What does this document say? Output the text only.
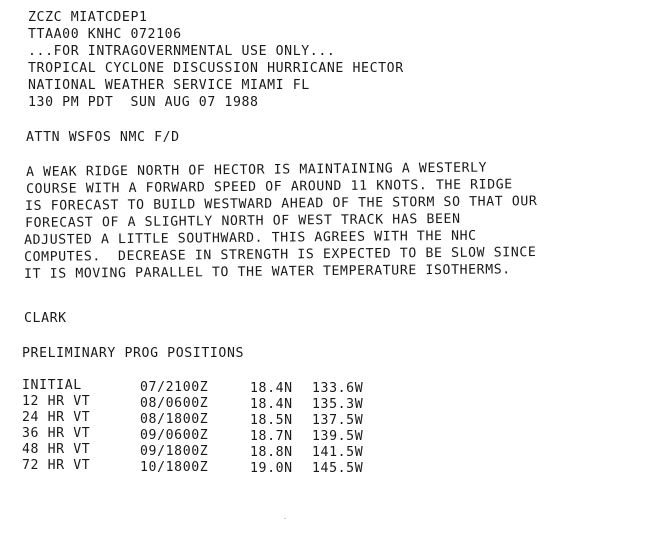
ZCZC MIATCDEP1
TTAA00 KNHC 072106
...FOR INTRAGOVERNMENTAL USE ONLY...
TROPICAL CYCLONE DISCUSSION HURRICANE HECTOR
NATIONAL WEATHER SERVICE MIAMI FL
130 PM PDT  SUN AUG 07 1988
ATTN WSFOS NMC F/D
A WEAK RIDGE NORTH OF HECTOR IS MAINTAINING A WESTERLY
COURSE WITH A FORWARD SPEED OF AROUND 11 KNOTS. THE RIDGE
IS FORECAST TO BUILD WESTWARD AHEAD OF THE STORM SO THAT OUR
FORECAST OF A SLIGHTLY NORTH OF WEST TRACK HAS BEEN
ADJUSTED A LITTLE SOUTHWARD. THIS AGREES WITH THE NHC
COMPUTES.  DECREASE IN STRENGTH IS EXPECTED TO BE SLOW SINCE
IT IS MOVING PARALLEL TO THE WATER TEMPERATURE ISOTHERMS.
CLARK
PRELIMINARY PROG POSITIONS
INITIAL	07/2100Z	18.4N 133.6W
12 HR VT	08/0600Z	18.4N 135.3W
24 HR VT	08/1800Z	18.5N 137.5W
36 HR VT	09/0600Z	18.7N 139.5W
48 HR VT	09/1800Z	18.8N 141.5W
72 HR VT	10/1800Z	19.0N 145.5W
